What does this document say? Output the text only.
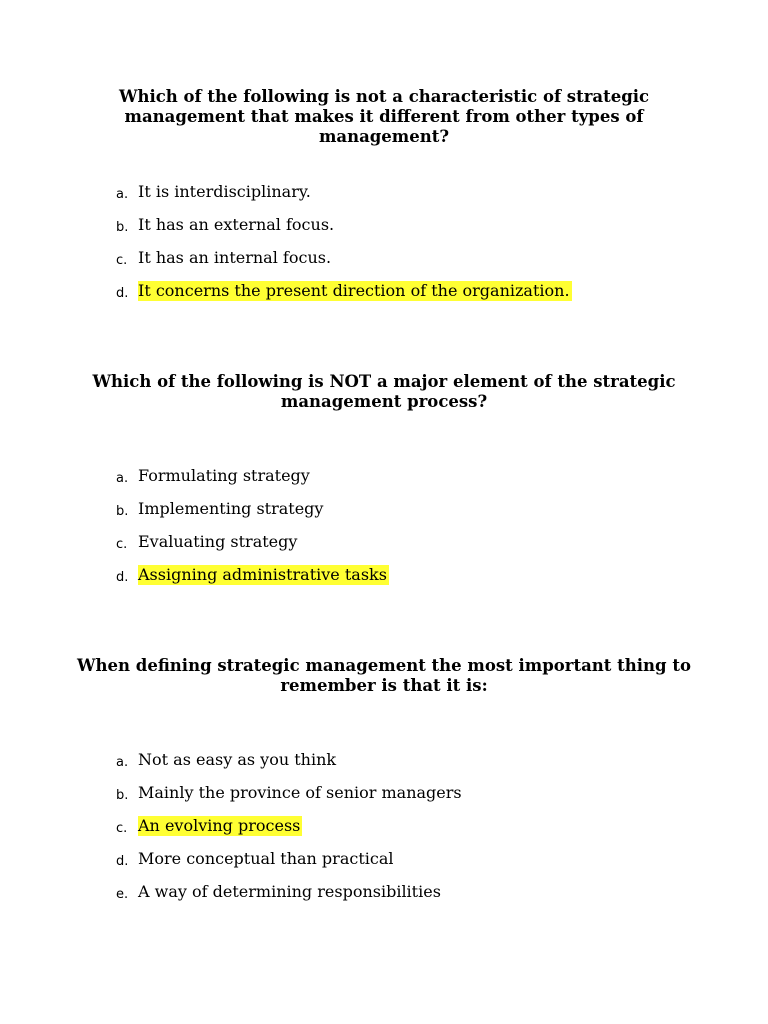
Which of the following is not a characteristic of strategic management that makes it different from other types of management?

a. It is interdisciplinary.
b. It has an external focus.
c. It has an internal focus.
d. It concerns the present direction of the organization.

Which of the following is NOT a major element of the strategic management process?

a. Formulating strategy
b. Implementing strategy
c. Evaluating strategy
d. Assigning administrative tasks

When defining strategic management the most important thing to remember is that it is:

a. Not as easy as you think
b. Mainly the province of senior managers
c. An evolving process
d. More conceptual than practical
e. A way of determining responsibilities
